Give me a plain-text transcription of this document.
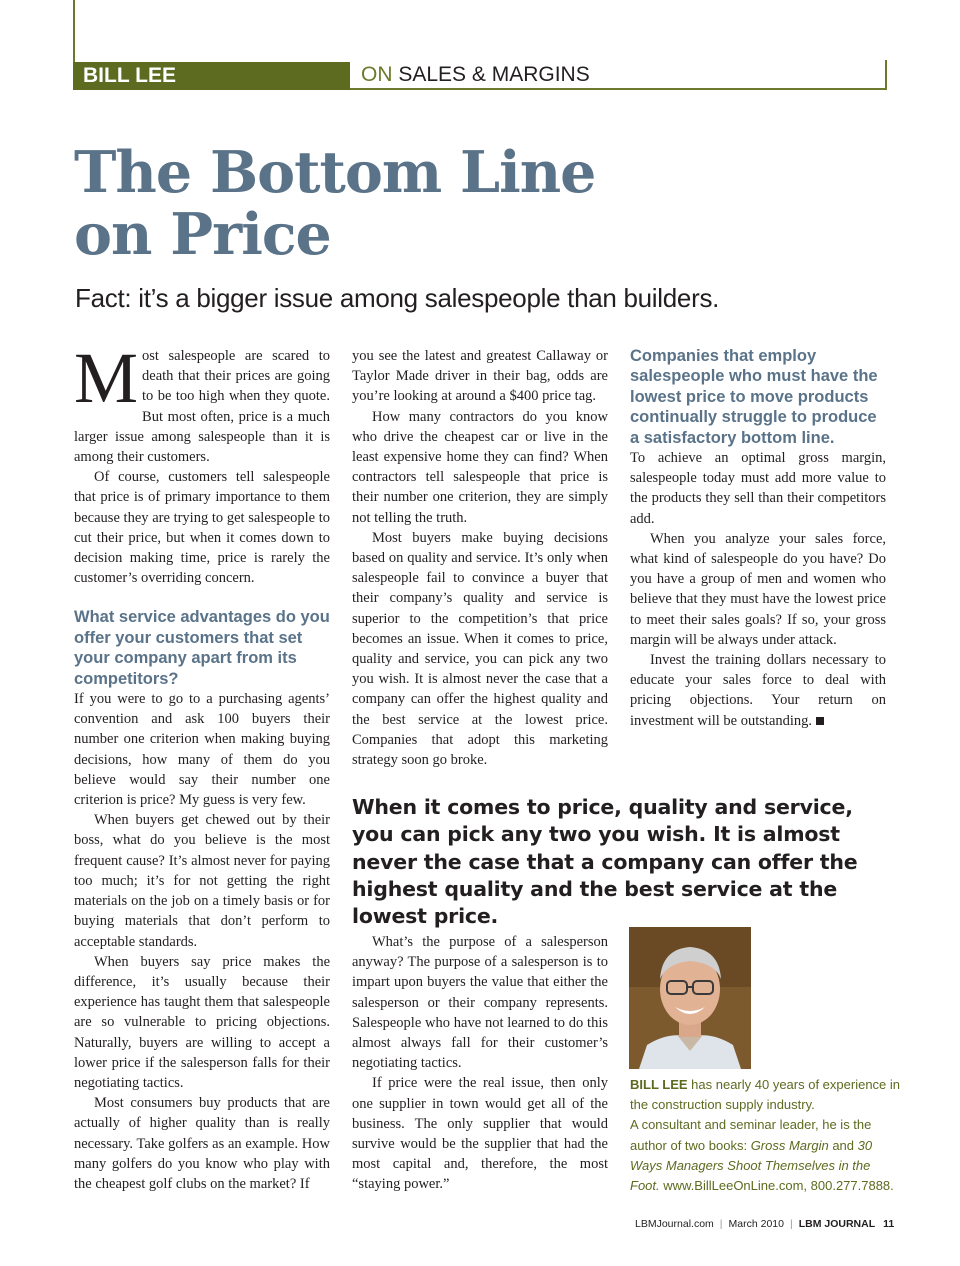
BILL LEE	ON SALES & MARGINS
The Bottom Line
on Price

Fact: it’s a bigger issue among salespeople than builders.

Most salespeople are scared to death that their prices are going to be too high when they quote. But most often, price is a much larger issue among salespeople than it is among their customers.

Of course, customers tell salespeople that price is of primary importance to them because they are trying to get salespeople to cut their price, but when it comes down to decision making time, price is rarely the customer’s overriding concern.

What service advantages do you offer your customers that set your company apart from its competitors?

If you were to go to a purchasing agents’ convention and ask 100 buyers their number one criterion when making buying decisions, how many of them do you believe would say their number one criterion is price? My guess is very few.

When buyers get chewed out by their boss, what do you believe is the most frequent cause? It’s almost never for paying too much; it’s for not getting the right materials on the job on a timely basis or for buying materials that don’t perform to acceptable standards.

When buyers say price makes the difference, it’s usually because their experience has taught them that salespeople are so vulnerable to pricing objections. Naturally, buyers are willing to accept a lower price if the salesperson falls for their negotiating tactics.

Most consumers buy products that are actually of higher quality than is really necessary. Take golfers as an example. How many golfers do you know who play with the cheapest golf clubs on the market? If

you see the latest and greatest Callaway or Taylor Made driver in their bag, odds are you’re looking at around a $400 price tag.

How many contractors do you know who drive the cheapest car or live in the least expensive home they can find? When contractors tell salespeople that price is their number one criterion, they are simply not telling the truth.

Most buyers make buying decisions based on quality and service. It’s only when salespeople fail to convince a buyer that their company’s quality and service is superior to the competition’s that price becomes an issue. When it comes to price, quality and service, you can pick any two you wish. It is almost never the case that a company can offer the highest quality and the best service at the lowest price. Companies that adopt this marketing strategy soon go broke.

Companies that employ salespeople who must have the lowest price to move products continually struggle to produce a satisfactory bottom line.

To achieve an optimal gross margin, salespeople today must add more value to the products they sell than their competitors add.

When you analyze your sales force, what kind of salespeople do you have? Do you have a group of men and women who believe that they must have the lowest price to meet their sales goals? If so, your gross margin will be always under attack.

Invest the training dollars necessary to educate your sales force to deal with pricing objections. Your return on investment will be outstanding.

When it comes to price, quality and service, you can pick any two you wish. It is almost never the case that a company can offer the highest quality and the best service at the lowest price.

What’s the purpose of a salesperson anyway? The purpose of a salesperson is to impart upon buyers the value that either the salesperson or their company represents. Salespeople who have not learned to do this almost always fall for their customer’s negotiating tactics.

If price were the real issue, then only one supplier in town would get all of the business. The only supplier that would survive would be the supplier that had the most capital and, therefore, the most “staying power.”

BILL LEE has nearly 40 years of experience in the construction supply industry.
A consultant and seminar leader, he is the author of two books: Gross Margin and 30 Ways Managers Shoot Themselves in the Foot. www.BillLeeOnLine.com, 800.277.7888.

LBMJournal.com | March 2010 | LBM JOURNAL 11
